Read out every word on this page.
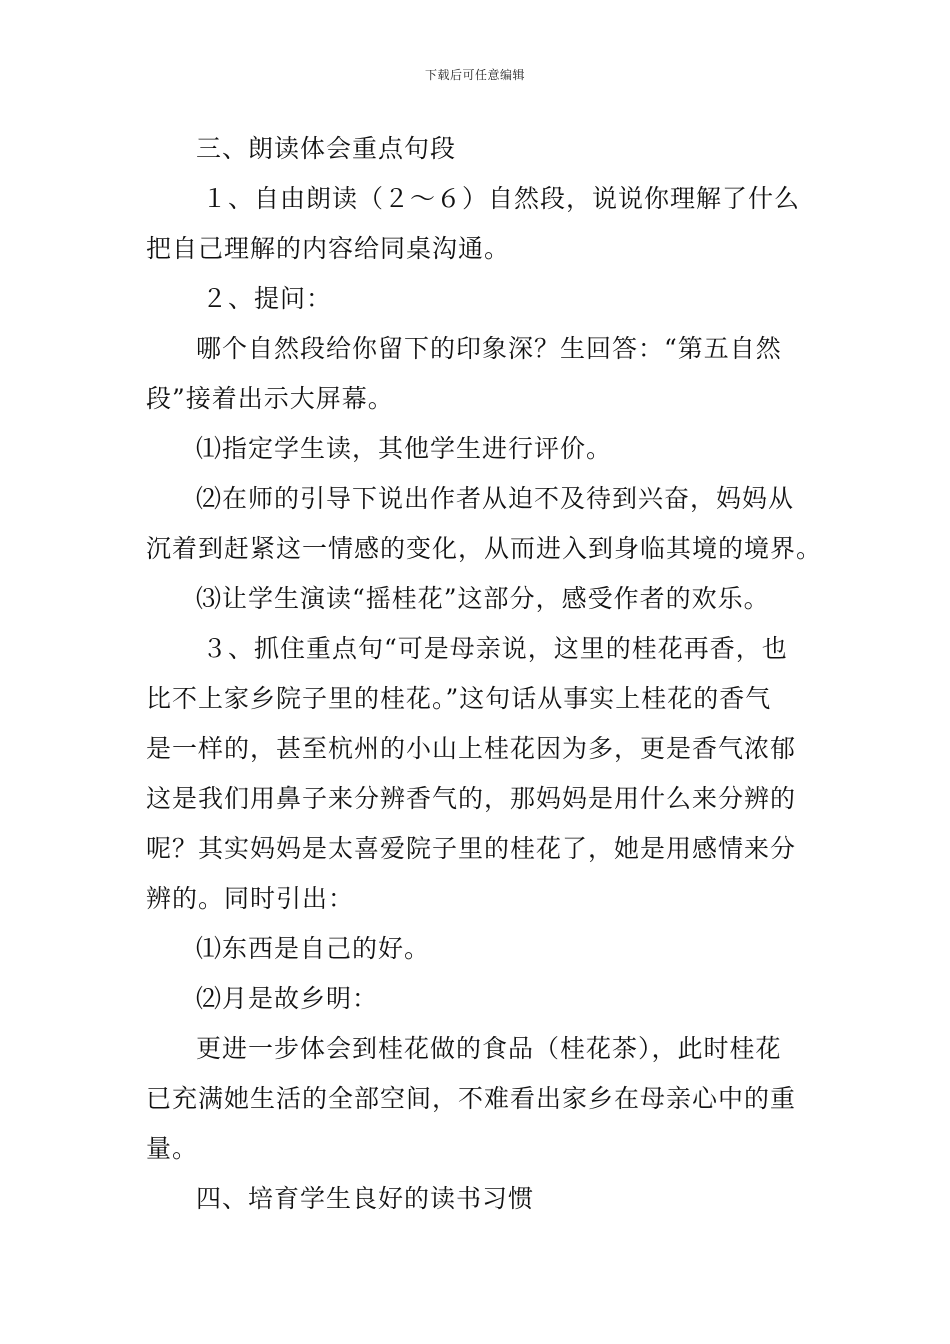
下载后可任意编辑
三、朗读体会重点句段
１、自由朗读（２～６）自然段，说说你理解了什么
把自己理解的内容给同桌沟通。
２、提问：
哪个自然段给你留下的印象深？生回答：“第五自然
段”接着出示大屏幕。
⑴指定学生读，其他学生进行评价。
⑵在师的引导下说出作者从迫不及待到兴奋，妈妈从
沉着到赶紧这一情感的变化，从而进入到身临其境的境界。
⑶让学生演读“摇桂花”这部分，感受作者的欢乐。
３、抓住重点句“可是母亲说，这里的桂花再香，也
比不上家乡院子里的桂花。”这句话从事实上桂花的香气
是一样的，甚至杭州的小山上桂花因为多，更是香气浓郁
这是我们用鼻子来分辨香气的，那妈妈是用什么来分辨的
呢？其实妈妈是太喜爱院子里的桂花了，她是用感情来分
辨的。同时引出：
⑴东西是自己的好。
⑵月是故乡明：
更进一步体会到桂花做的食品（桂花茶），此时桂花
已充满她生活的全部空间，不难看出家乡在母亲心中的重
量。
四、培育学生良好的读书习惯
